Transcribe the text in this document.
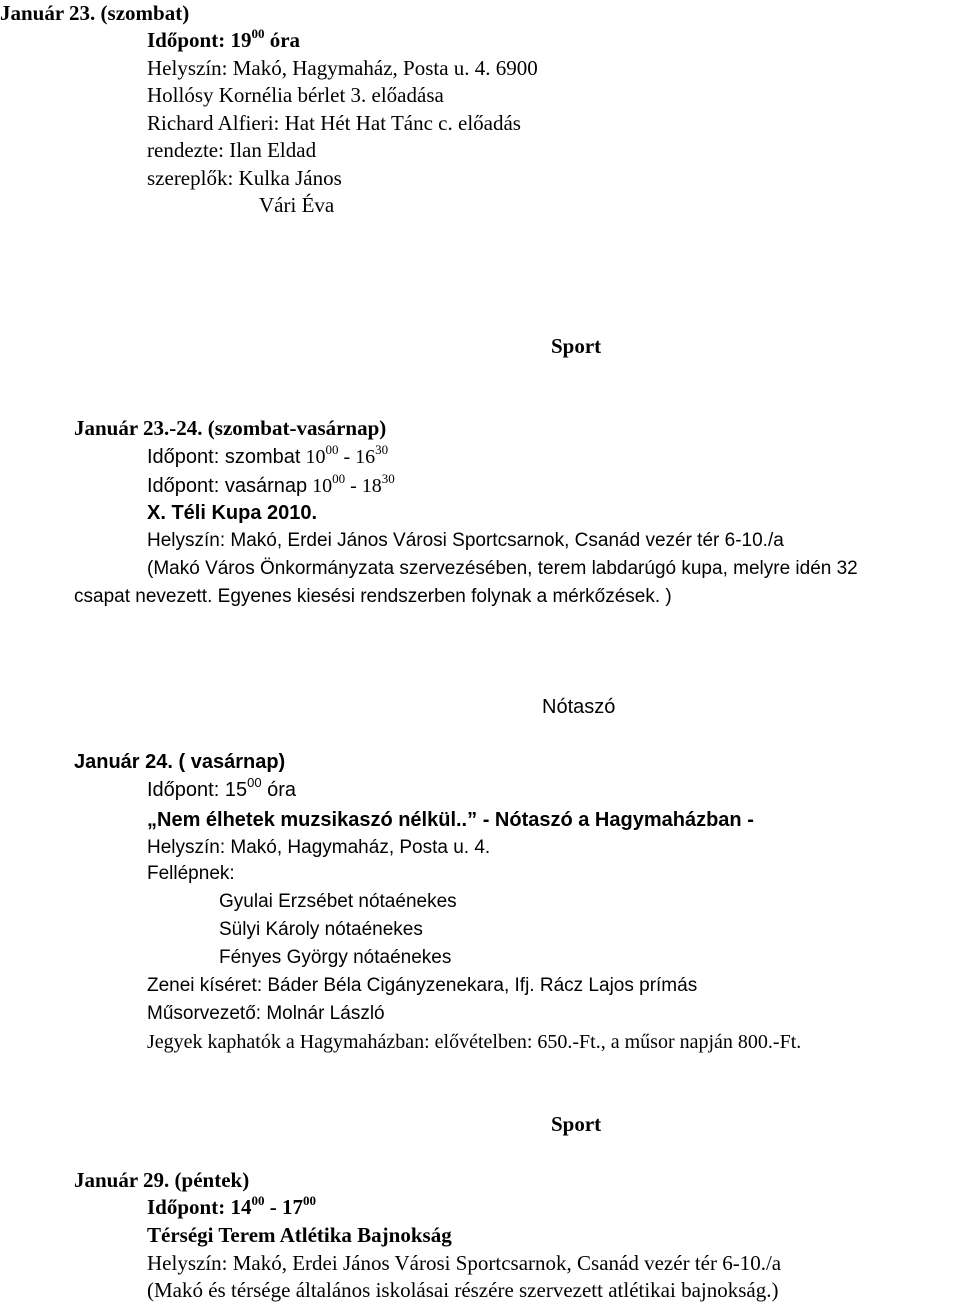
Január 23. (szombat)
Időpont: $19^{00}$ óra
Helyszín: Makó, Hagymaház, Posta u. 4. 6900
Hollósy Kornélia bérlet 3. előadása
Richard Alfieri: Hat Hét Hat Tánc c. előadás
rendezte: Ilan Eldad
szereplők: Kulka János
Vári Éva
Sport
Január 23.-24. (szombat-vasárnap)
Időpont: szombat $10^{00} - 16^{30}$
Időpont: vasárnap $10^{00} - 18^{30}$
X. Téli Kupa 2010.
Helyszín: Makó, Erdei János Városi Sportcsarnok, Csanád vezér tér 6-10./a
(Makó Város Önkormányzata szervezésében, terem labdarúgó kupa, melyre idén 32
csapat nevezett. Egyenes kiesési rendszerben folynak a mérkőzések. )
Nótaszó
Január 24. ( vasárnap)
Időpont: $15^{00}$ óra
„Nem élhetek muzsikaszó nélkül..” - Nótaszó a Hagymaházban -
Helyszín: Makó, Hagymaház, Posta u. 4.
Fellépnek:
Gyulai Erzsébet nótaénekes
Sülyi Károly nótaénekes
Fényes György nótaénekes
Zenei kíséret: Báder Béla Cigányzenekara, Ifj. Rácz Lajos prímás
Műsorvezető: Molnár László
Jegyek kaphatók a Hagymaházban: elővételben: 650.-Ft., a műsor napján 800.-Ft.
Sport
Január 29. (péntek)
Időpont: $14^{00} - 17^{00}$
Térségi Terem Atlétika Bajnokság
Helyszín: Makó, Erdei János Városi Sportcsarnok, Csanád vezér tér 6-10./a
(Makó és térsége általános iskolásai részére szervezett atlétikai bajnokság.)
